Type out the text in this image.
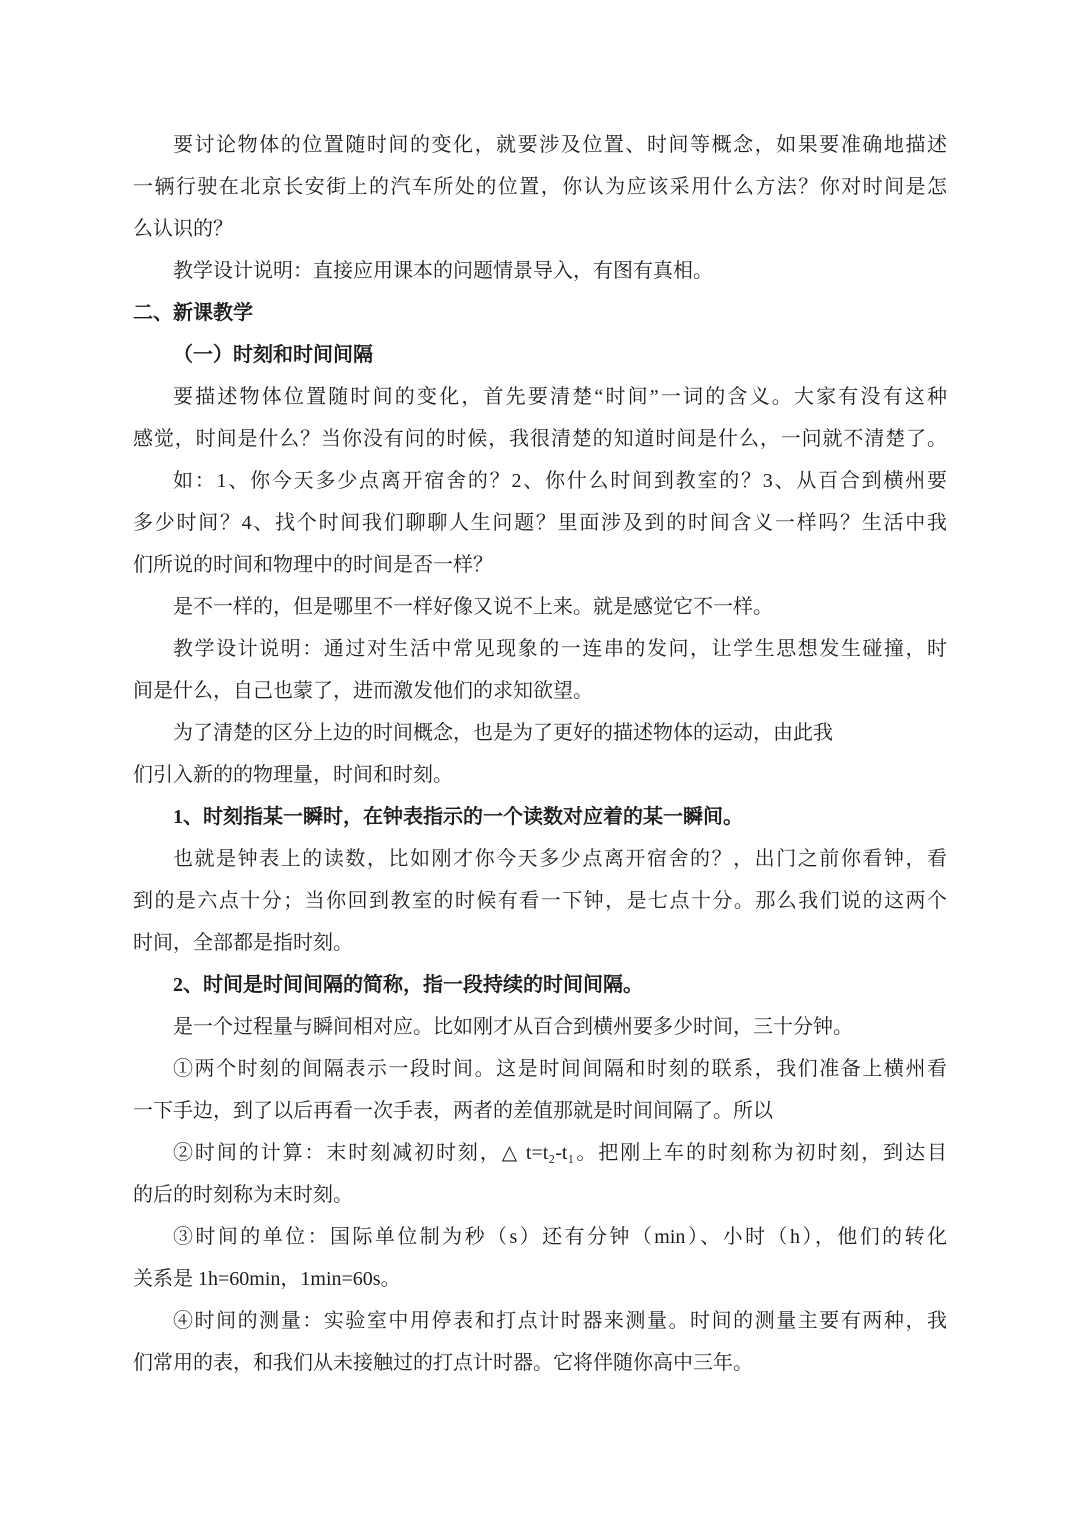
要讨论物体的位置随时间的变化，就要涉及位置、时间等概念，如果要准确地描述
一辆行驶在北京长安街上的汽车所处的位置，你认为应该采用什么方法？你对时间是怎
么认识的？
教学设计说明：直接应用课本的问题情景导入，有图有真相。
二、新课教学
（一）时刻和时间间隔
要描述物体位置随时间的变化，首先要清楚“时间”一词的含义。大家有没有这种
感觉，时间是什么？当你没有问的时候，我很清楚的知道时间是什么，一问就不清楚了。
如：1、你今天多少点离开宿舍的？2、你什么时间到教室的？3、从百合到横州要
多少时间？4、找个时间我们聊聊人生问题？里面涉及到的时间含义一样吗？生活中我
们所说的时间和物理中的时间是否一样？
是不一样的，但是哪里不一样好像又说不上来。就是感觉它不一样。
教学设计说明：通过对生活中常见现象的一连串的发问，让学生思想发生碰撞，时
间是什么，自己也蒙了，进而激发他们的求知欲望。
为了清楚的区分上边的时间概念，也是为了更好的描述物体的运动，由此我
们引入新的的物理量，时间和时刻。
1、时刻指某一瞬时，在钟表指示的一个读数对应着的某一瞬间。
也就是钟表上的读数，比如刚才你今天多少点离开宿舍的？，出门之前你看钟，看
到的是六点十分；当你回到教室的时候有看一下钟，是七点十分。那么我们说的这两个
时间，全部都是指时刻。
2、时间是时间间隔的简称，指一段持续的时间间隔。
是一个过程量与瞬间相对应。比如刚才从百合到横州要多少时间，三十分钟。
①两个时刻的间隔表示一段时间。这是时间间隔和时刻的联系，我们准备上横州看
一下手边，到了以后再看一次手表，两者的差值那就是时间间隔了。所以
②时间的计算：末时刻减初时刻，△ t=t₂-t₁。把刚上车的时刻称为初时刻，到达目
的后的时刻称为末时刻。
③时间的单位：国际单位制为秒（s）还有分钟（min）、小时（h），他们的转化
关系是 1h=60min，1min=60s。
④时间的测量：实验室中用停表和打点计时器来测量。时间的测量主要有两种，我
们常用的表，和我们从未接触过的打点计时器。它将伴随你高中三年。
